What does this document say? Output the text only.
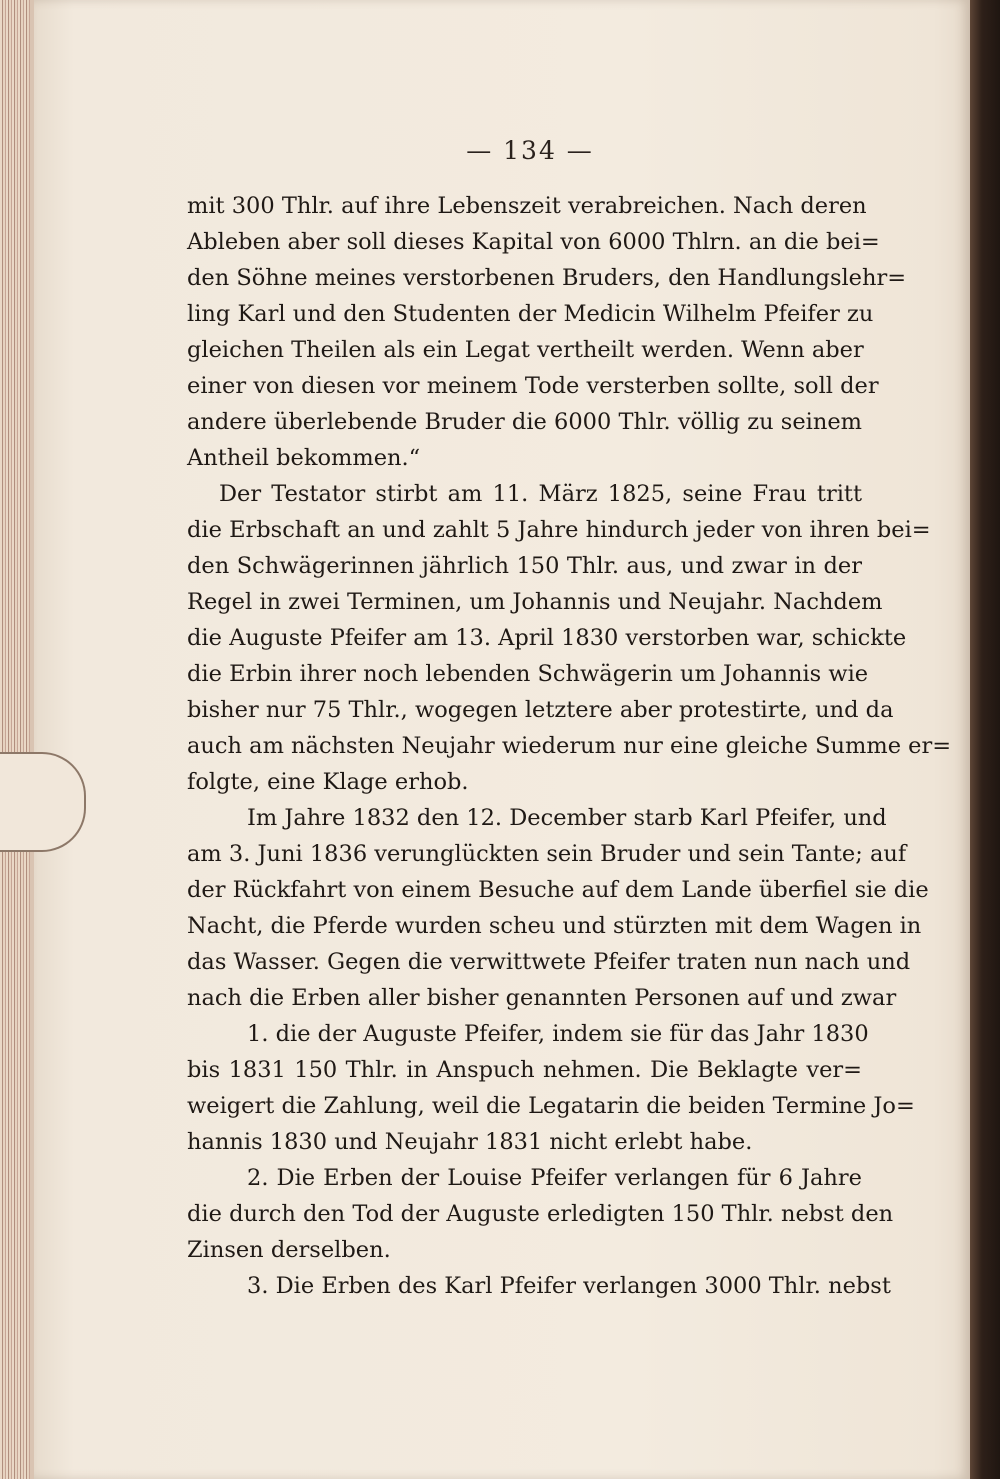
— 134 —
mit 300 Thlr. auf ihre Lebenszeit verabreichen. Nach deren
Ableben aber soll dieses Kapital von 6000 Thlrn. an die bei=
den Söhne meines verstorbenen Bruders, den Handlungslehr=
ling Karl und den Studenten der Medicin Wilhelm Pfeifer zu
gleichen Theilen als ein Legat vertheilt werden. Wenn aber
einer von diesen vor meinem Tode versterben sollte, soll der
andere überlebende Bruder die 6000 Thlr. völlig zu seinem
Antheil bekommen.“
Der Testator stirbt am 11. März 1825, seine Frau tritt
die Erbschaft an und zahlt 5 Jahre hindurch jeder von ihren bei=
den Schwägerinnen jährlich 150 Thlr. aus, und zwar in der
Regel in zwei Terminen, um Johannis und Neujahr. Nachdem
die Auguste Pfeifer am 13. April 1830 verstorben war, schickte
die Erbin ihrer noch lebenden Schwägerin um Johannis wie
bisher nur 75 Thlr., wogegen letztere aber protestirte, und da
auch am nächsten Neujahr wiederum nur eine gleiche Summe er=
folgte, eine Klage erhob.
Im Jahre 1832 den 12. December starb Karl Pfeifer, und
am 3. Juni 1836 verunglückten sein Bruder und sein Tante; auf
der Rückfahrt von einem Besuche auf dem Lande überfiel sie die
Nacht, die Pferde wurden scheu und stürzten mit dem Wagen in
das Wasser. Gegen die verwittwete Pfeifer traten nun nach und
nach die Erben aller bisher genannten Personen auf und zwar
1. die der Auguste Pfeifer, indem sie für das Jahr 1830
bis 1831 150 Thlr. in Anspuch nehmen. Die Beklagte ver=
weigert die Zahlung, weil die Legatarin die beiden Termine Jo=
hannis 1830 und Neujahr 1831 nicht erlebt habe.
2. Die Erben der Louise Pfeifer verlangen für 6 Jahre
die durch den Tod der Auguste erledigten 150 Thlr. nebst den
Zinsen derselben.
3. Die Erben des Karl Pfeifer verlangen 3000 Thlr. nebst
